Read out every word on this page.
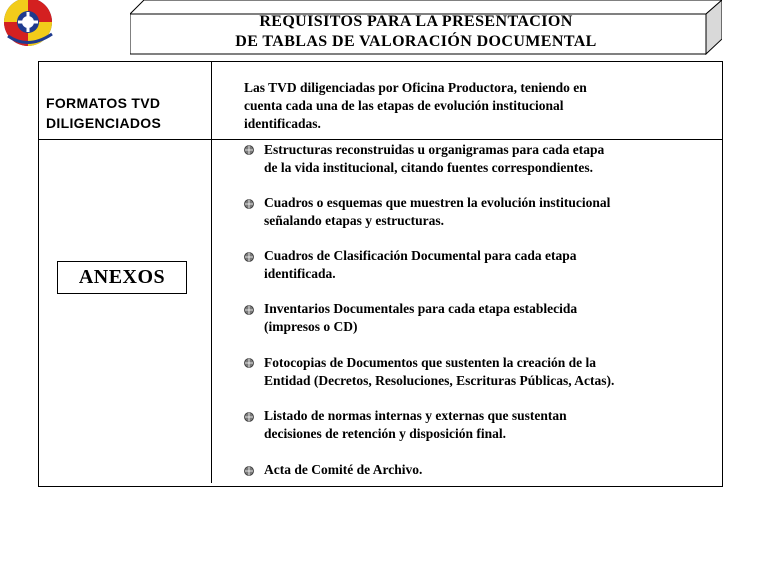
REQUISITOS PARA LA PRESENTACION
DE TABLAS DE VALORACIÓN DOCUMENTAL
FORMATOS TVD
DILIGENCIADOS
Las TVD diligenciadas por Oficina Productora, teniendo en
cuenta cada una de las etapas de evolución institucional
identificadas.
ANEXOS
Estructuras reconstruidas u organigramas para cada etapa
de la vida institucional, citando fuentes correspondientes.
Cuadros o esquemas que muestren la evolución institucional
señalando etapas y estructuras.
Cuadros de Clasificación Documental para cada etapa
identificada.
Inventarios Documentales para cada etapa establecida
(impresos o CD)
Fotocopias de Documentos que sustenten la creación de la
Entidad (Decretos, Resoluciones, Escrituras Públicas, Actas).
Listado de normas internas y externas que sustentan
decisiones de retención y disposición final.
Acta de Comité de Archivo.
